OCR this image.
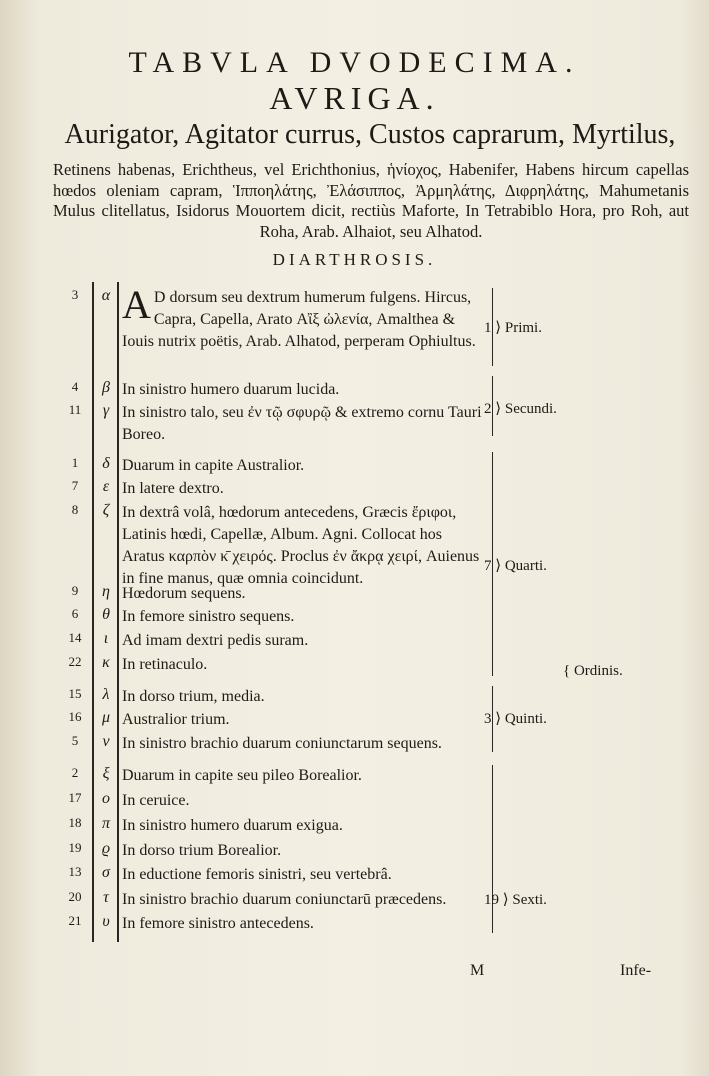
TABVLA DVODECIMA.
AVRIGA.
Aurigator, Agitator currus, Custos caprarum, Myrtilus,
Retinens habenas, Erichtheus, vel Erichthonius, ἡνίοχος, Habenifer, Habens hircum capellas hœdos oleniam capram, Ἱπποηλάτης, Ἐλάσιππος, Ἀρμηλάτης, Διφρηλάτης, Mahumetanis Mulus clitellatus, Isidorus Mouortem dicit, rectiùs Maforte, In Tetrabiblo Hora, pro Roh, aut Roha, Arab. Alhaiot, seu Alhatod.
DIARTHROSIS.
3	α A D dorsum seu dextrum humerum fulgens. Hircus, Capra, Capella, Arato Αἲξ ὠλενία, Amalthea & Iouis nutrix poëtis, Arab. Alhatod, perperam Ophiultus.
4	β In sinistro humero duarum lucida.
11	γ In sinistro talo, seu ἐν τῷ σφυρῷ & extremo cornu Tauri Boreo.
1	δ Duarum in capite Australior.
7	ε In latere dextro.
8	ζ In dextrâ volâ, hœdorum antecedens, Græcis ἔριφοι, Latinis hœdi, Capellæ, Album. Agni. Collocat hos Aratus καρπὸν κ̄ χειρός. Proclus ἐν ἄκρᾳ χειρί, Auienus in fine manus, quæ omnia coincidunt.
9	η Hœdorum sequens.
6	θ In femore sinistro sequens.
14	ι Ad imam dextri pedis suram.
22	κ In retinaculo.
15	λ In dorso trium, media.
16	μ Australior trium.
5	ν In sinistro brachio duarum coniunctarum sequens.
2	ξ Duarum in capite seu pileo Borealior.
17	ο In ceruice.
18	π In sinistro humero duarum exigua.
19	ϱ In dorso trium Borealior.
13	σ In eductione femoris sinistri, seu vertebrâ.
20	τ In sinistro brachio duarum coniunctarū præcedens.
21	υ In femore sinistro antecedens.
1 ⟩ Primi.
2 ⟩ Secundi.
7 ⟩ Quarti.
3 ⟩ Quinti.
19 ⟩ Sexti.
{ Ordinis.
M	Infe-
